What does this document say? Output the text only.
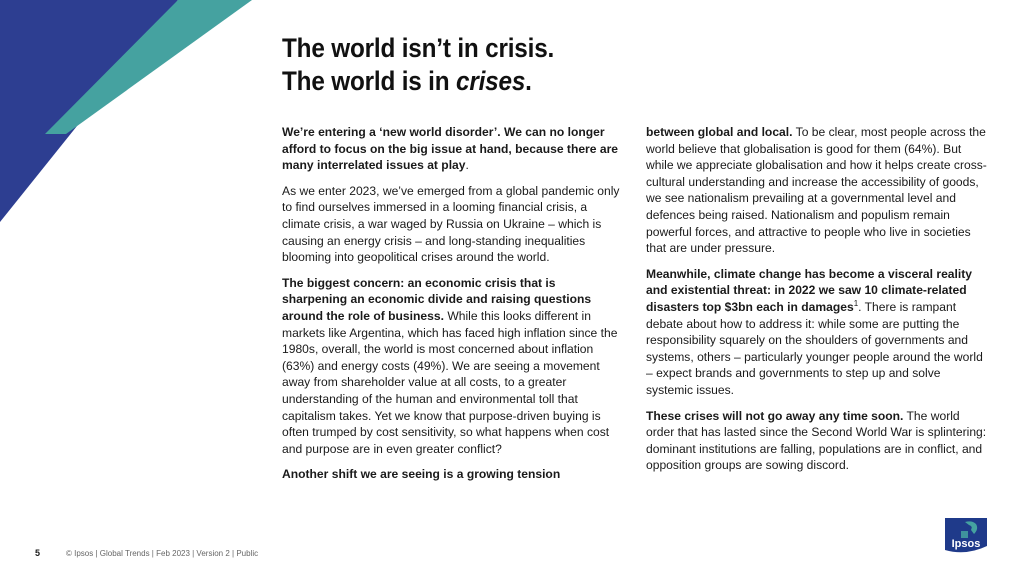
The world isn’t in crisis.
The world is in crises.

We’re entering a ‘new world disorder’. We can no longer afford to focus on the big issue at hand, because there are many interrelated issues at play.

As we enter 2023, we’ve emerged from a global pandemic only to find ourselves immersed in a looming financial crisis, a climate crisis, a war waged by Russia on Ukraine – which is causing an energy crisis – and long-standing inequalities blooming into geopolitical crises around the world.

The biggest concern: an economic crisis that is sharpening an economic divide and raising questions around the role of business. While this looks different in markets like Argentina, which has faced high inflation since the 1980s, overall, the world is most concerned about inflation (63%) and energy costs (49%). We are seeing a movement away from shareholder value at all costs, to a greater understanding of the human and environmental toll that capitalism takes. Yet we know that purpose-driven buying is often trumped by cost sensitivity, so what happens when cost and purpose are in even greater conflict?

Another shift we are seeing is a growing tension

between global and local. To be clear, most people across the world believe that globalisation is good for them (64%). But while we appreciate globalisation and how it helps create cross-cultural understanding and increase the accessibility of goods, we see nationalism prevailing at a governmental level and defences being raised. Nationalism and populism remain powerful forces, and attractive to people who live in societies that are under pressure.

Meanwhile, climate change has become a visceral reality and existential threat: in 2022 we saw 10 climate-related disasters top $3bn each in damages$^1$. There is rampant debate about how to address it: while some are putting the responsibility squarely on the shoulders of governments and systems, others – particularly younger people around the world – expect brands and governments to step up and solve systemic issues.

These crises will not go away any time soon. The world order that has lasted since the Second World War is splintering: dominant institutions are falling, populations are in conflict, and opposition groups are sowing discord.

5	© Ipsos | Global Trends | Feb 2023 | Version 2 | Public
Ipsos
